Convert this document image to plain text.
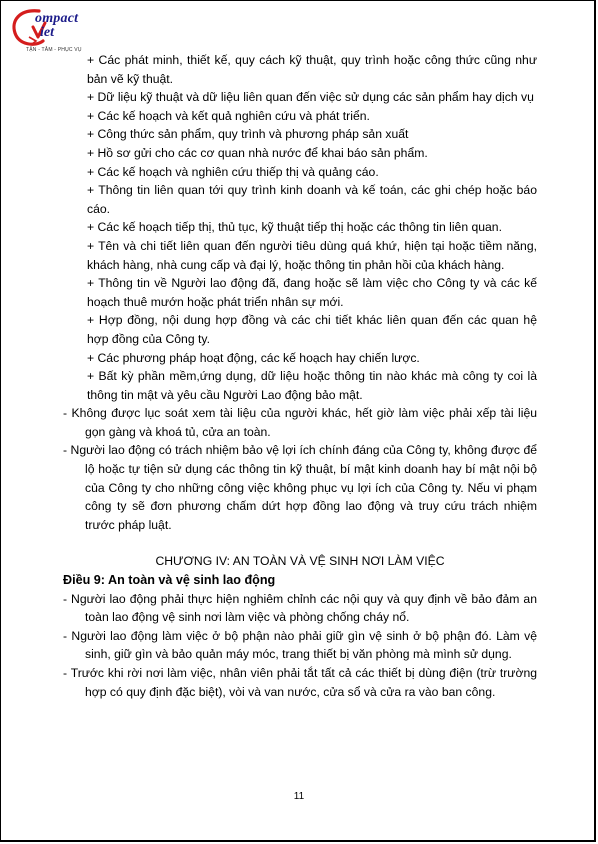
ompact
iet
TẬN - TÂM - PHỤC VỤ

+ Các phát minh, thiết kế, quy cách kỹ thuật, quy trình hoặc công thức cũng như bản vẽ kỹ thuật.

+ Dữ liệu kỹ thuật và dữ liệu liên quan đến việc sử dụng các sản phẩm hay dịch vụ

+ Các kế hoạch và kết quả nghiên cứu và phát triển.

+ Công thức sản phẩm, quy trình và phương pháp sản xuất

+ Hồ sơ gửi cho các cơ quan nhà nước để khai báo sản phẩm.

+ Các kế hoạch và nghiên cứu thiếp thị và quảng cáo.

+ Thông tin liên quan tới quy trình kinh doanh và kế toán, các ghi chép hoặc báo cáo.

+ Các kế hoạch tiếp thị, thủ tục, kỹ thuật tiếp thị hoặc các thông tin liên quan.

+ Tên và chi tiết liên quan đến người tiêu dùng quá khứ, hiện tại hoặc tiềm năng, khách hàng, nhà cung cấp và đại lý, hoặc thông tin phản hồi của khách hàng.

+ Thông tin về Người lao động đã, đang hoặc sẽ làm việc cho Công ty và các kế hoạch thuê mướn hoặc phát triển nhân sự mới.

+ Hợp đồng, nội dung hợp đồng và các chi tiết khác liên quan đến các quan hệ hợp đồng của Công ty.

+ Các phương pháp hoạt động, các kế hoạch hay chiến lược.

+ Bất kỳ phần mềm,ứng dụng, dữ liệu hoặc thông tin nào khác mà công ty coi là thông tin mật và yêu cầu Người Lao động bảo mật.

- Không được lục soát xem tài liệu của người khác, hết giờ làm việc phải xếp tài liệu gọn gàng và khoá tủ, cửa an toàn.

- Người lao động có trách nhiệm bảo vệ lợi ích chính đáng của Công ty, không được để lộ hoặc tự tiện sử dụng các thông tin kỹ thuật, bí mật kinh doanh hay bí mật nội bộ của Công ty cho những công việc không phục vụ lợi ích của Công ty. Nếu vi phạm công ty sẽ đơn phương chấm dứt hợp đồng lao động và truy cứu trách nhiệm trước pháp luật.

CHƯƠNG IV: AN TOÀN VÀ VỆ SINH NƠI LÀM VIỆC

Điều 9: An toàn và vệ sinh lao động

- Người lao động phải thực hiện nghiêm chỉnh các nội quy và quy định về bảo đảm an toàn lao động vệ sinh nơi làm việc và phòng chống cháy nổ.

- Người lao động làm việc ở bộ phận nào phải giữ gìn vệ sinh ở bộ phận đó. Làm vệ sinh, giữ gìn và bảo quản máy móc, trang thiết bị văn phòng mà mình sử dụng.

- Trước khi rời nơi làm việc, nhân viên phải tắt tất cả các thiết bị dùng điện (trừ trường hợp có quy định đặc biệt), vòi và van nước, cửa sổ và cửa ra vào ban công.

11
